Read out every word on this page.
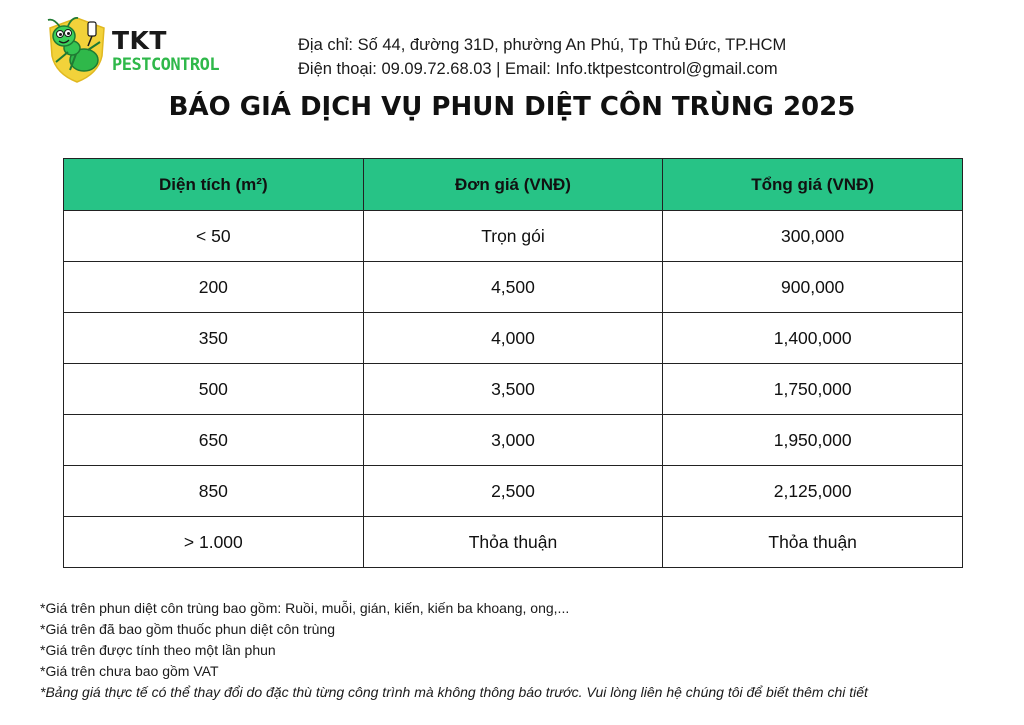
TKT
PESTCONTROL
Địa chỉ: Số 44, đường 31D, phường An Phú, Tp Thủ Đức, TP.HCM
Điện thoại: 09.09.72.68.03 | Email: Info.tktpestcontrol@gmail.com
BÁO GIÁ DỊCH VỤ PHUN DIỆT CÔN TRÙNG 2025
Diện tích (m²)	Đơn giá (VNĐ)	Tổng giá (VNĐ)
< 50	Trọn gói	300,000
200	4,500	900,000
350	4,000	1,400,000
500	3,500	1,750,000
650	3,000	1,950,000
850	2,500	2,125,000
> 1.000	Thỏa thuận	Thỏa thuận
*Giá trên phun diệt côn trùng bao gồm: Ruồi, muỗi, gián, kiến, kiến ba khoang, ong,...
*Giá trên đã bao gồm thuốc phun diệt côn trùng
*Giá trên được tính theo một lần phun
*Giá trên chưa bao gồm VAT
*Bảng giá thực tế có thể thay đổi do đặc thù từng công trình mà không thông báo trước. Vui lòng liên hệ chúng tôi để biết thêm chi tiết
